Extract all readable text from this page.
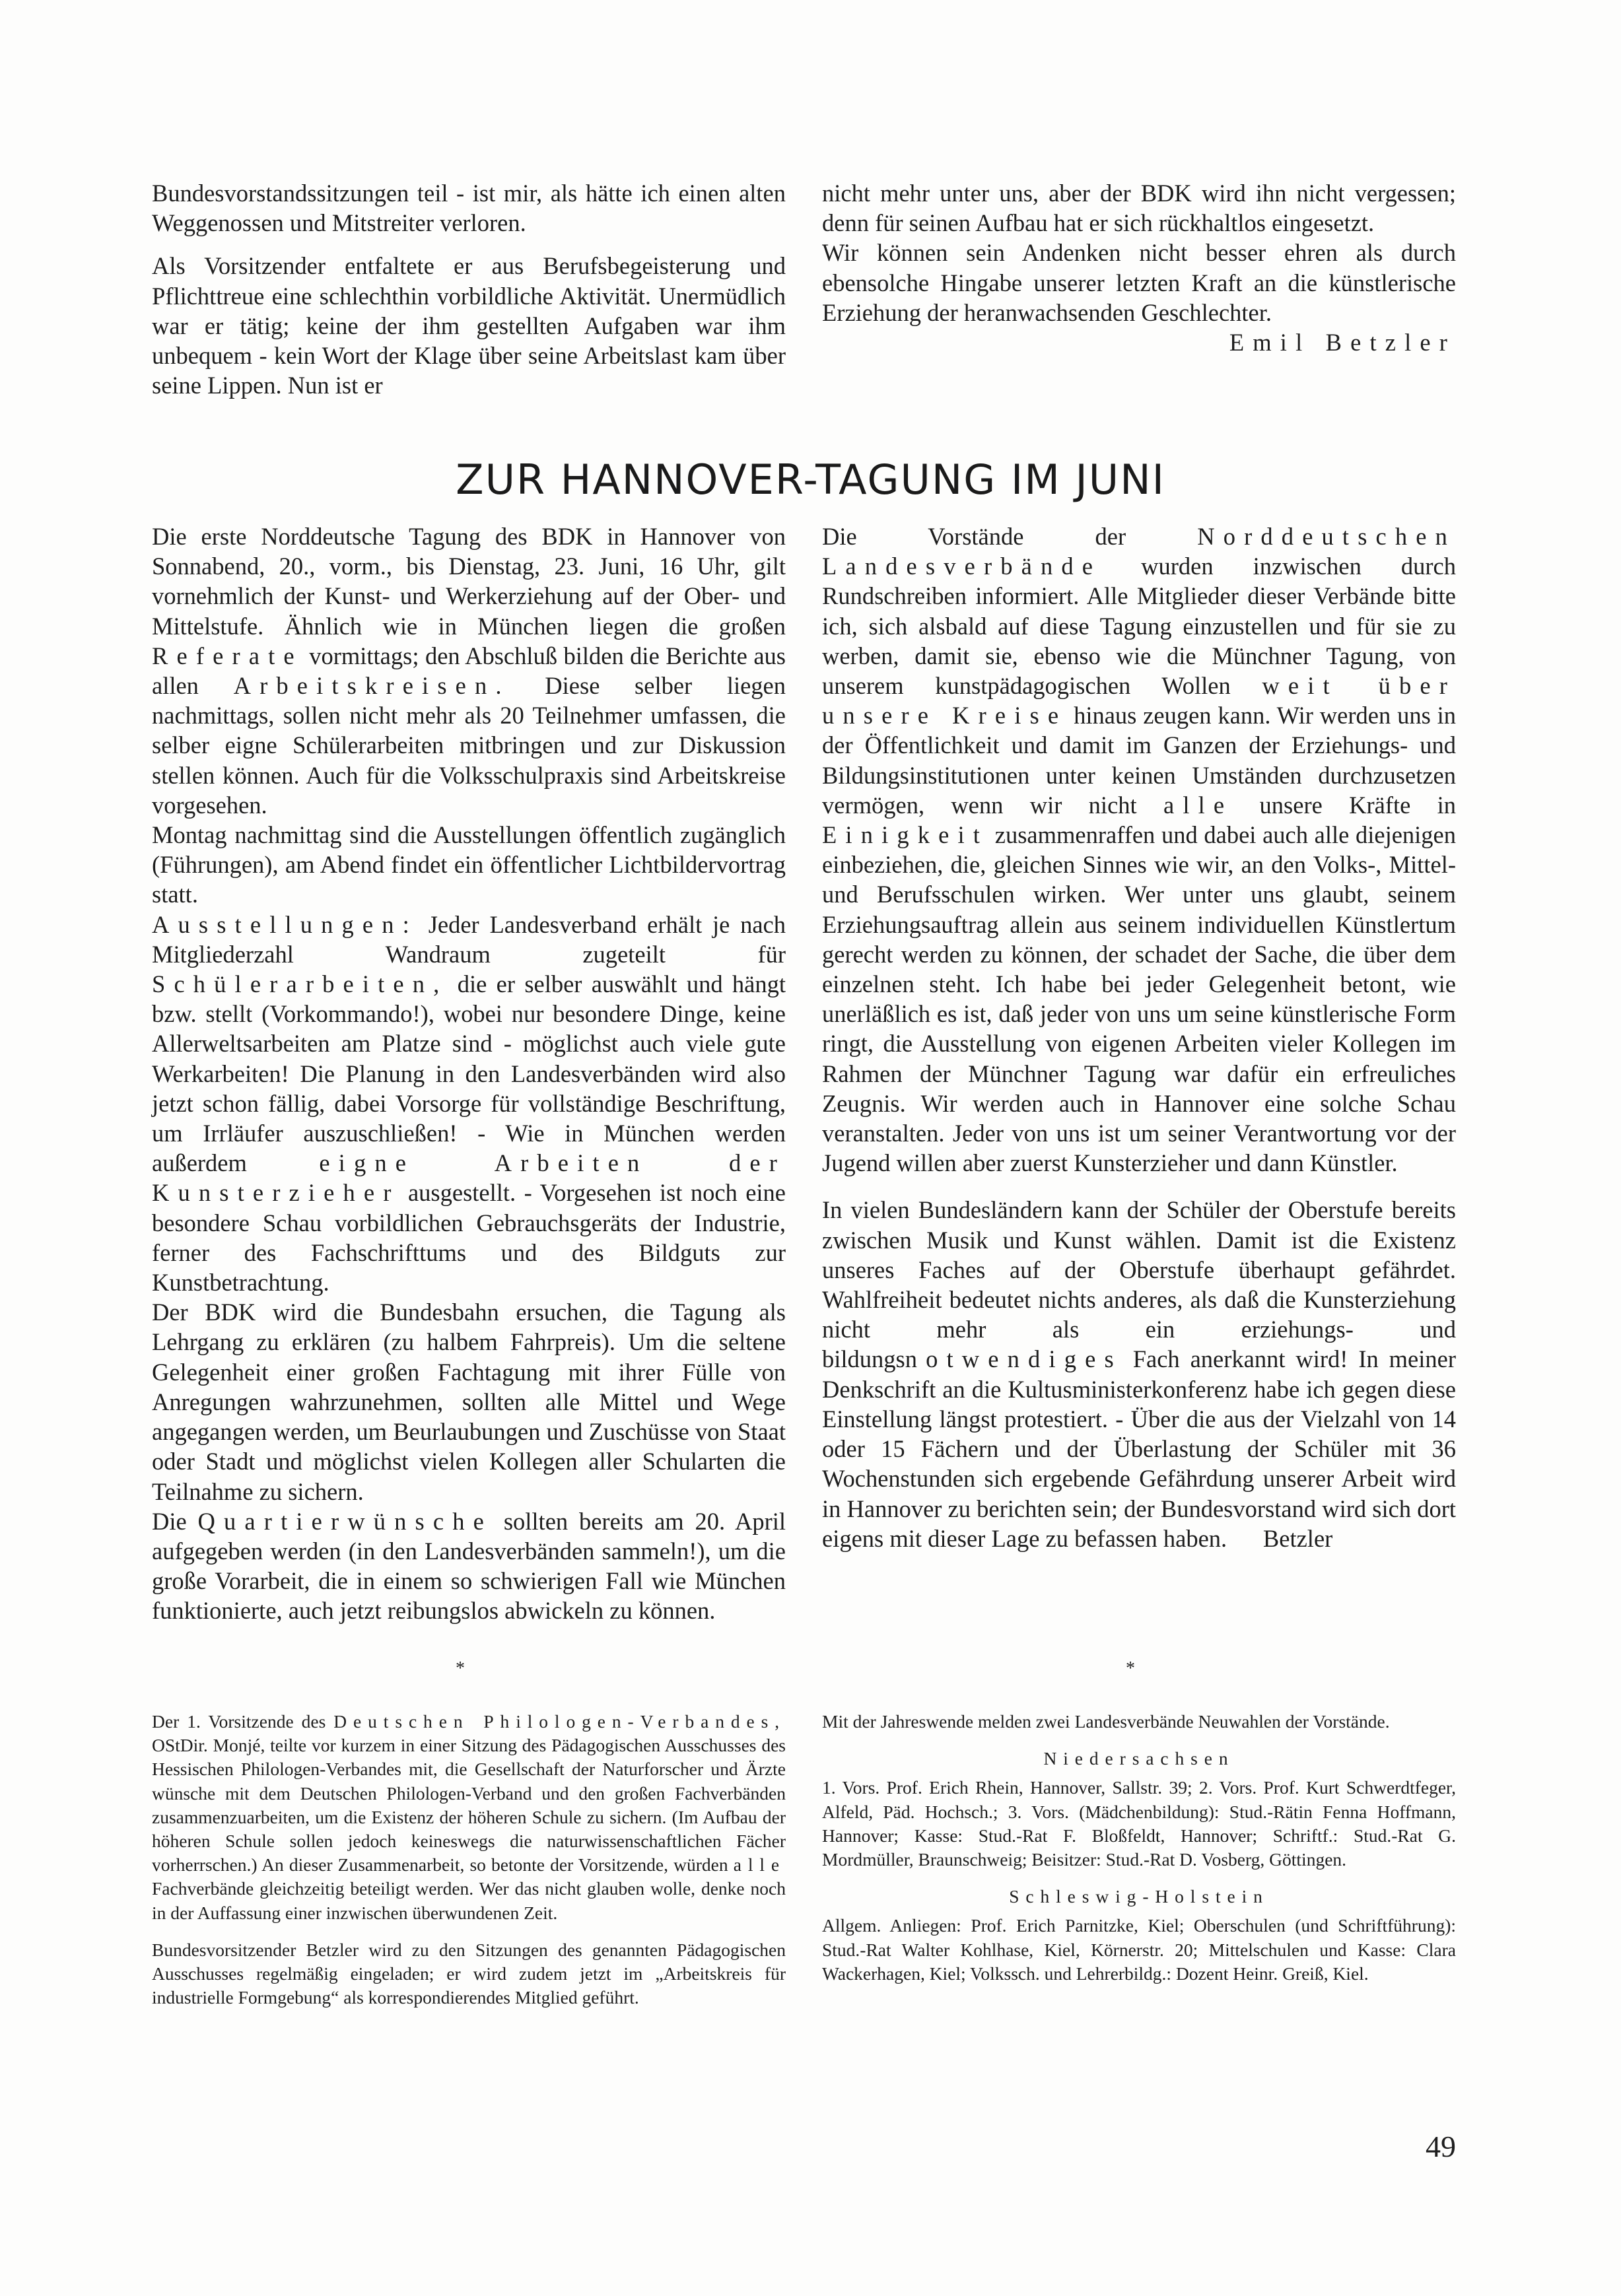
Bundesvorstandssitzungen teil - ist mir, als hätte ich einen alten Weggenossen und Mitstreiter verloren.

Als Vorsitzender entfaltete er aus Berufsbegeisterung und Pflichttreue eine schlechthin vorbildliche Aktivität. Unermüdlich war er tätig; keine der ihm gestellten Aufgaben war ihm unbequem - kein Wort der Klage über seine Arbeitslast kam über seine Lippen. Nun ist er

nicht mehr unter uns, aber der BDK wird ihn nicht vergessen; denn für seinen Aufbau hat er sich rückhaltlos eingesetzt.

Wir können sein Andenken nicht besser ehren als durch ebensolche Hingabe unserer letzten Kraft an die künstlerische Erziehung der heranwachsenden Geschlechter.

Emil Betzler

ZUR HANNOVER-TAGUNG IM JUNI

Die erste Norddeutsche Tagung des BDK in Hannover von Sonnabend, 20., vorm., bis Dienstag, 23. Juni, 16 Uhr, gilt vornehmlich der Kunst- und Werkerziehung auf der Ober- und Mittelstufe. Ähnlich wie in München liegen die großen Referate vormittags; den Abschluß bilden die Berichte aus allen Arbeitskreisen. Diese selber liegen nachmittags, sollen nicht mehr als 20 Teilnehmer umfassen, die selber eigne Schülerarbeiten mitbringen und zur Diskussion stellen können. Auch für die Volksschulpraxis sind Arbeitskreise vorgesehen.

Montag nachmittag sind die Ausstellungen öffentlich zugänglich (Führungen), am Abend findet ein öffentlicher Lichtbildervortrag statt.

Ausstellungen: Jeder Landesverband erhält je nach Mitgliederzahl Wandraum zugeteilt für Schülerarbeiten, die er selber auswählt und hängt bzw. stellt (Vorkommando!), wobei nur besondere Dinge, keine Allerweltsarbeiten am Platze sind - möglichst auch viele gute Werkarbeiten! Die Planung in den Landesverbänden wird also jetzt schon fällig, dabei Vorsorge für vollständige Beschriftung, um Irrläufer auszuschließen! - Wie in München werden außerdem	eigne Arbeiten der Kunsterzieher ausgestellt. - Vorgesehen ist noch eine besondere Schau vorbildlichen Gebrauchsgeräts der Industrie, ferner des Fachschrifttums und des Bildguts zur Kunstbetrachtung.

Der BDK wird die Bundesbahn ersuchen, die Tagung als Lehrgang zu erklären (zu halbem Fahrpreis). Um die seltene Gelegenheit einer großen Fachtagung mit ihrer Fülle von Anregungen wahrzunehmen, sollten alle Mittel und Wege angegangen werden, um Beurlaubungen und Zuschüsse von Staat oder Stadt und möglichst vielen Kollegen aller Schularten die Teilnahme zu sichern.

Die Quartierwünsche sollten bereits am 20. April aufgegeben werden (in den Landesverbänden sammeln!), um die große Vorarbeit, die in einem so schwierigen Fall wie München funktionierte, auch jetzt reibungslos abwickeln zu können.

Die Vorstände der	Norddeutschen Landesverbände wurden inzwischen durch Rundschreiben informiert. Alle Mitglieder dieser Verbände bitte ich, sich alsbald auf diese Tagung einzustellen und für sie zu werben, damit sie, ebenso wie die Münchner Tagung, von unserem kunstpädagogischen Wollen weit über unsere Kreise hinaus zeugen kann. Wir werden uns in der Öffentlichkeit und damit im Ganzen der Erziehungs- und Bildungsinstitutionen unter keinen Umständen durchzusetzen vermögen, wenn wir nicht alle unsere Kräfte in Einigkeit zusammenraffen und dabei auch alle diejenigen einbeziehen, die, gleichen Sinnes wie wir, an den Volks-, Mittel- und Berufsschulen wirken. Wer unter uns glaubt, seinem Erziehungsauftrag allein aus seinem individuellen Künstlertum gerecht werden zu können, der schadet der Sache, die über dem einzelnen steht. Ich habe bei jeder Gelegenheit betont, wie unerläßlich es ist, daß jeder von uns um seine künstlerische Form ringt, die Ausstellung von eigenen Arbeiten vieler Kollegen im Rahmen der Münchner Tagung war dafür ein erfreuliches Zeugnis. Wir werden auch in Hannover eine solche Schau veranstalten. Jeder von uns ist um seiner Verantwortung vor der Jugend willen aber zuerst Kunsterzieher und dann Künstler.

In vielen Bundesländern kann der Schüler der Oberstufe bereits zwischen Musik und Kunst wählen. Damit ist die Existenz unseres Faches auf der Oberstufe überhaupt gefährdet. Wahlfreiheit bedeutet nichts anderes, als daß die Kunsterziehung nicht mehr als ein erziehungs- und bildungsnotwendiges Fach anerkannt wird! In meiner Denkschrift an die Kultusministerkonferenz habe ich gegen diese Einstellung längst protestiert. - Über die aus der Vielzahl von 14 oder 15 Fächern und der Überlastung der Schüler mit 36 Wochenstunden sich ergebende Gefährdung unserer Arbeit wird in Hannover zu berichten sein; der Bundesvorstand wird sich dort eigens mit dieser Lage zu befassen haben. Betzler

*	*

Der 1. Vorsitzende des Deutschen Philologen-Verbandes, OStDir. Monjé, teilte vor kurzem in einer Sitzung des Pädagogischen Ausschusses des Hessischen Philologen-Verbandes mit, die Gesellschaft der Naturforscher und Ärzte wünsche mit dem Deutschen Philologen-Verband und den großen Fachverbänden zusammenzuarbeiten, um die Existenz der höheren Schule zu sichern. (Im Aufbau der höheren Schule sollen jedoch keineswegs die naturwissenschaftlichen Fächer vorherrschen.) An dieser Zusammenarbeit, so betonte der Vorsitzende, würden alle Fachverbände gleichzeitig beteiligt werden. Wer das nicht glauben wolle, denke noch in der Auffassung einer inzwischen überwundenen Zeit.

Bundesvorsitzender Betzler wird zu den Sitzungen des genannten Pädagogischen Ausschusses regelmäßig eingeladen; er wird zudem jetzt im „Arbeitskreis für industrielle Formgebung“ als korrespondierendes Mitglied geführt.

Mit der Jahreswende melden zwei Landesverbände Neuwahlen der Vorstände.

Niedersachsen

1. Vors. Prof. Erich Rhein, Hannover, Sallstr. 39; 2. Vors. Prof. Kurt Schwerdtfeger, Alfeld, Päd. Hochsch.; 3. Vors. (Mädchenbildung): Stud.-Rätin Fenna Hoffmann, Hannover; Kasse: Stud.-Rat F. Bloßfeldt, Hannover; Schriftf.: Stud.-Rat G. Mordmüller, Braunschweig; Beisitzer: Stud.-Rat D. Vosberg, Göttingen.

Schleswig-Holstein

Allgem. Anliegen: Prof. Erich Parnitzke, Kiel; Oberschulen (und Schriftführung): Stud.-Rat Walter Kohlhase, Kiel, Körnerstr. 20; Mittelschulen und Kasse: Clara Wackerhagen, Kiel; Volkssch. und Lehrerbildg.: Dozent Heinr. Greiß, Kiel.

49
